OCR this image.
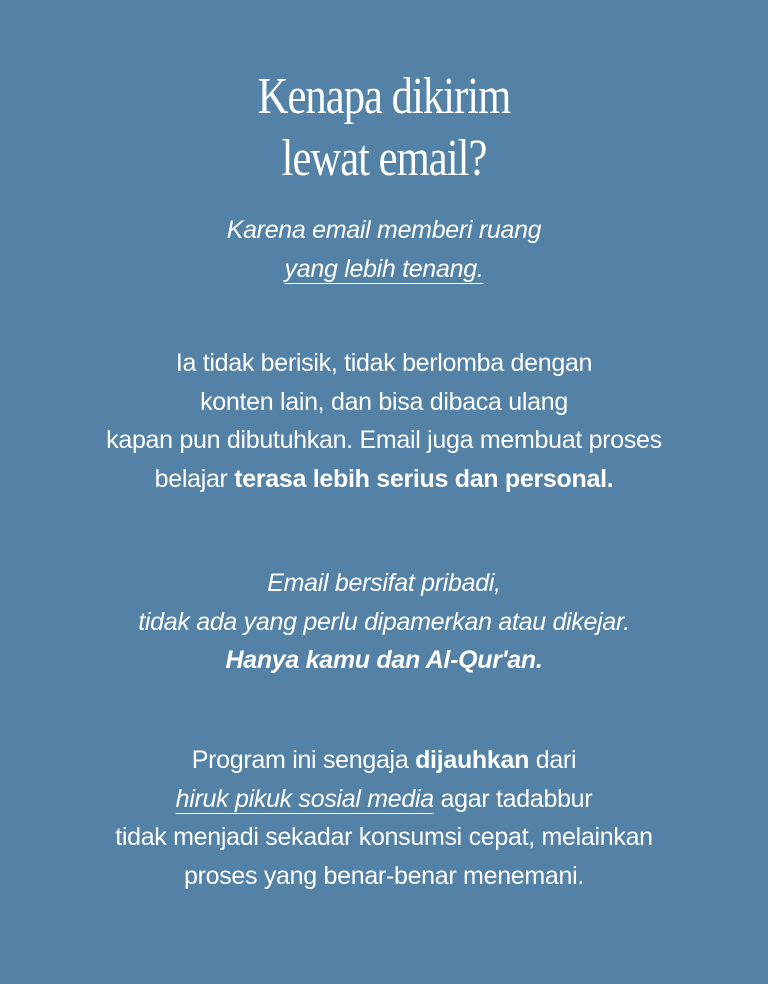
Kenapa dikirim
lewat email?
Karena email memberi ruang
yang lebih tenang.
Ia tidak berisik, tidak berlomba dengan
konten lain, dan bisa dibaca ulang
kapan pun dibutuhkan. Email juga membuat proses
belajar terasa lebih serius dan personal.
Email bersifat pribadi,
tidak ada yang perlu dipamerkan atau dikejar.
Hanya kamu dan Al-Qur'an.
Program ini sengaja dijauhkan dari
hiruk pikuk sosial media agar tadabbur
tidak menjadi sekadar konsumsi cepat, melainkan
proses yang benar-benar menemani.
